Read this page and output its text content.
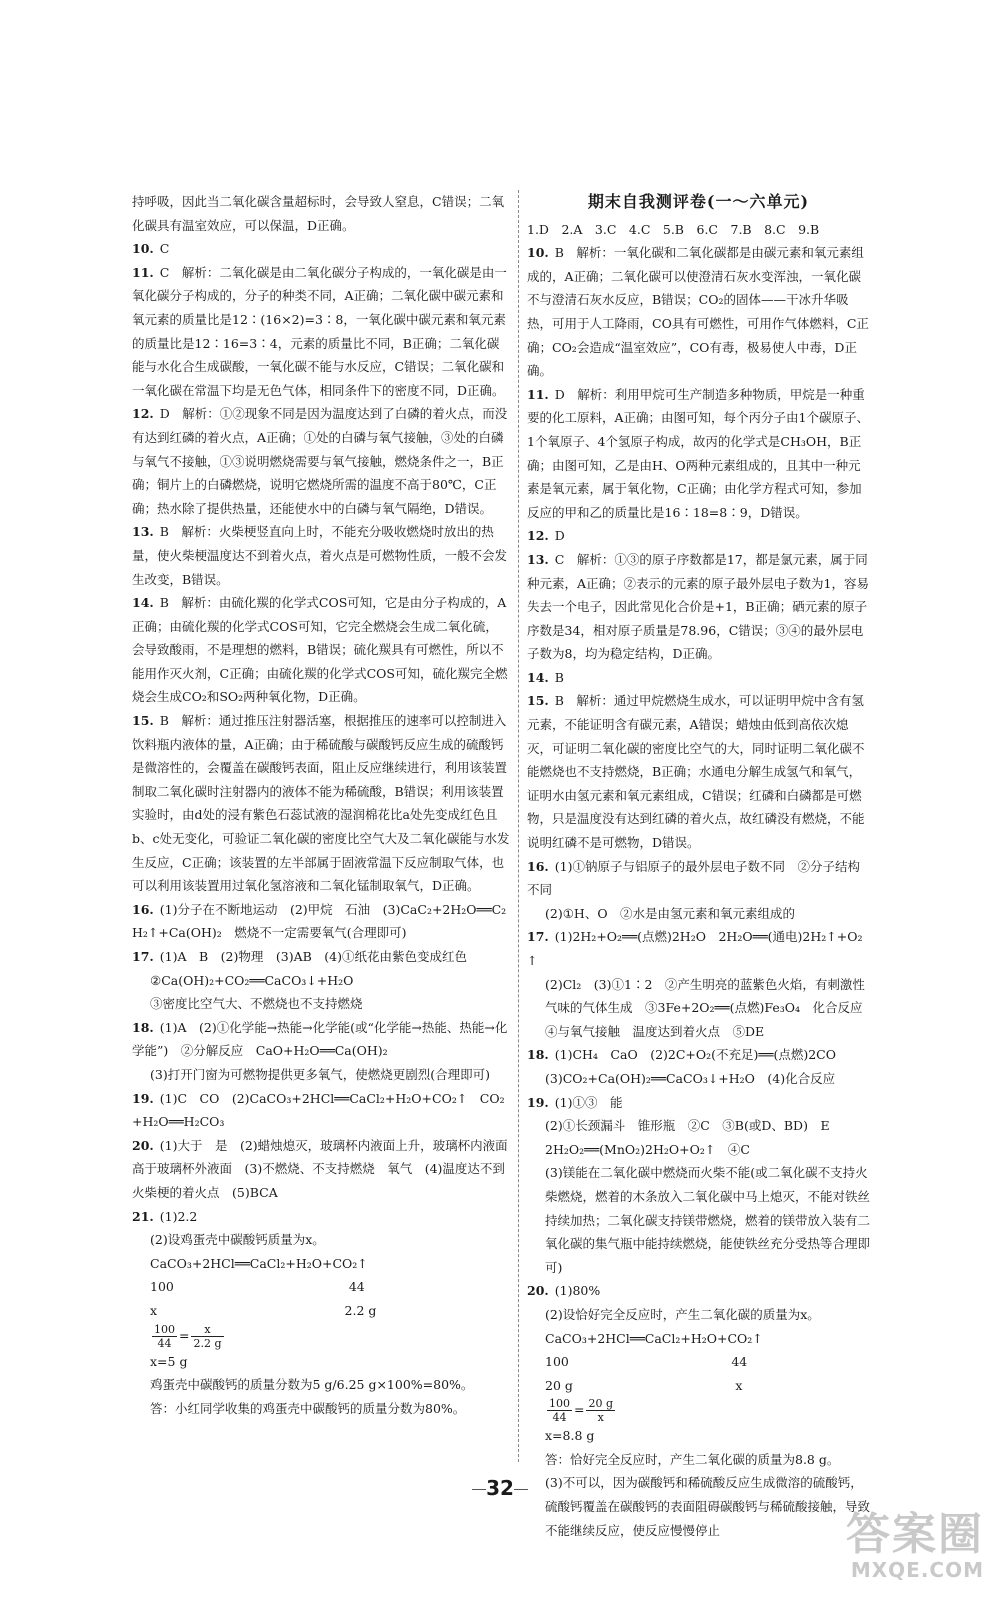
持呼吸，因此当二氧化碳含量超标时，会导致人窒息，C错误；二氧化碳具有温室效应，可以保温，D正确。
10. C
11. C　解析：二氧化碳是由二氧化碳分子构成的，一氧化碳是由一氧化碳分子构成的，分子的种类不同，A正确；二氧化碳中碳元素和氧元素的质量比是12∶(16×2)=3∶8，一氧化碳中碳元素和氧元素的质量比是12∶16=3∶4，元素的质量比不同，B正确；二氧化碳能与水化合生成碳酸，一氧化碳不能与水反应，C错误；二氧化碳和一氧化碳在常温下均是无色气体，相同条件下的密度不同，D正确。
12. D　解析：①②现象不同是因为温度达到了白磷的着火点，而没有达到红磷的着火点，A正确；①处的白磷与氧气接触，③处的白磷与氧气不接触，①③说明燃烧需要与氧气接触，燃烧条件之一，B正确；铜片上的白磷燃烧，说明它燃烧所需的温度不高于80℃，C正确；热水除了提供热量，还能使水中的白磷与氧气隔绝，D错误。
13. B　解析：火柴梗竖直向上时，不能充分吸收燃烧时放出的热量，使火柴梗温度达不到着火点，着火点是可燃物性质，一般不会发生改变，B错误。
14. B　解析：由硫化羰的化学式COS可知，它是由分子构成的，A正确；由硫化羰的化学式COS可知，它完全燃烧会生成二氧化硫，会导致酸雨，不是理想的燃料，B错误；硫化羰具有可燃性，所以不能用作灭火剂，C正确；由硫化羰的化学式COS可知，硫化羰完全燃烧会生成CO₂和SO₂两种氧化物，D正确。
15. B　解析：通过推压注射器活塞，根据推压的速率可以控制进入饮料瓶内液体的量，A正确；由于稀硫酸与碳酸钙反应生成的硫酸钙是微溶性的，会覆盖在碳酸钙表面，阻止反应继续进行，利用该装置制取二氧化碳时注射器内的液体不能为稀硫酸，B错误；利用该装置实验时，由d处的浸有紫色石蕊试液的湿润棉花比a处先变成红色且b、c处无变化，可验证二氧化碳的密度比空气大及二氧化碳能与水发生反应，C正确；该装置的左半部属于固液常温下反应制取气体，也可以利用该装置用过氧化氢溶液和二氧化锰制取氧气，D正确。
16. (1)分子在不断地运动　(2)甲烷　石油　(3)CaC₂+2H₂O══C₂H₂↑+Ca(OH)₂　燃烧不一定需要氧气(合理即可)
17. (1)A　B　(2)物理　(3)AB　(4)①纸花由紫色变成红色
②Ca(OH)₂+CO₂══CaCO₃↓+H₂O
③密度比空气大、不燃烧也不支持燃烧
18. (1)A　(2)①化学能→热能→化学能(或“化学能→热能、热能→化学能”)　②分解反应　CaO+H₂O══Ca(OH)₂
(3)打开门窗为可燃物提供更多氧气，使燃烧更剧烈(合理即可)
19. (1)C　CO　(2)CaCO₃+2HCl══CaCl₂+H₂O+CO₂↑　CO₂+H₂O══H₂CO₃
20. (1)大于　是　(2)蜡烛熄灭，玻璃杯内液面上升，玻璃杯内液面高于玻璃杯外液面　(3)不燃烧、不支持燃烧　氧气　(4)温度达不到火柴梗的着火点　(5)BCA
21. (1)2.2
(2)设鸡蛋壳中碳酸钙质量为x。
CaCO₃+2HCl══CaCl₂+H₂O+CO₂↑
100　　　　　　　　　　　　　　44
x　　　　　　　　　　　　　　　2.2 g
$\frac{100}{44} = \frac{x}{2.2 g}$
x=5 g
鸡蛋壳中碳酸钙的质量分数为5 g/6.25 g×100%=80%。
答：小红同学收集的鸡蛋壳中碳酸钙的质量分数为80%。
期末自我测评卷(一～六单元)
1.D　2.A　3.C　4.C　5.B　6.C　7.B　8.C　9.B
10. B　解析：一氧化碳和二氧化碳都是由碳元素和氧元素组成的，A正确；二氧化碳可以使澄清石灰水变浑浊，一氧化碳不与澄清石灰水反应，B错误；CO₂的固体——干冰升华吸热，可用于人工降雨，CO具有可燃性，可用作气体燃料，C正确；CO₂会造成“温室效应”，CO有毒，极易使人中毒，D正确。
11. D　解析：利用甲烷可生产制造多种物质，甲烷是一种重要的化工原料，A正确；由图可知，每个丙分子由1个碳原子、1个氧原子、4个氢原子构成，故丙的化学式是CH₃OH，B正确；由图可知，乙是由H、O两种元素组成的，且其中一种元素是氧元素，属于氧化物，C正确；由化学方程式可知，参加反应的甲和乙的质量比是16∶18=8∶9，D错误。
12. D
13. C　解析：①③的原子序数都是17，都是氯元素，属于同种元素，A正确；②表示的元素的原子最外层电子数为1，容易失去一个电子，因此常见化合价是+1，B正确；硒元素的原子序数是34，相对原子质量是78.96，C错误；③④的最外层电子数为8，均为稳定结构，D正确。
14. B
15. B　解析：通过甲烷燃烧生成水，可以证明甲烷中含有氢元素，不能证明含有碳元素，A错误；蜡烛由低到高依次熄灭，可证明二氧化碳的密度比空气的大，同时证明二氧化碳不能燃烧也不支持燃烧，B正确；水通电分解生成氢气和氧气，证明水由氢元素和氧元素组成，C错误；红磷和白磷都是可燃物，只是温度没有达到红磷的着火点，故红磷没有燃烧，不能说明红磷不是可燃物，D错误。
16. (1)①钠原子与铝原子的最外层电子数不同　②分子结构不同
(2)①H、O　②水是由氢元素和氧元素组成的
17. (1)2H₂+O₂══(点燃)2H₂O　2H₂O══(通电)2H₂↑+O₂↑
(2)Cl₂　(3)①1∶2　②产生明亮的蓝紫色火焰，有刺激性气味的气体生成　③3Fe+2O₂══(点燃)Fe₃O₄　化合反应　④与氧气接触　温度达到着火点　⑤DE
18. (1)CH₄　CaO　(2)2C+O₂(不充足)══(点燃)2CO
(3)CO₂+Ca(OH)₂══CaCO₃↓+H₂O　(4)化合反应
19. (1)①③　能
(2)①长颈漏斗　锥形瓶　②C　③B(或D、BD)　E
2H₂O₂══(MnO₂)2H₂O+O₂↑　④C
(3)镁能在二氧化碳中燃烧而火柴不能(或二氧化碳不支持火柴燃烧，燃着的木条放入二氧化碳中马上熄灭，不能对铁丝持续加热；二氧化碳支持镁带燃烧，燃着的镁带放入装有二氧化碳的集气瓶中能持续燃烧，能使铁丝充分受热等合理即可)
20. (1)80%
(2)设恰好完全反应时，产生二氧化碳的质量为x。
CaCO₃+2HCl══CaCl₂+H₂O+CO₂↑
100　　　　　　　　　　　　　44
20 g　　　　　　　　　　　　　x
$\frac{100}{44} = \frac{20 g}{x}$
x=8.8 g
答：恰好完全反应时，产生二氧化碳的质量为8.8 g。
(3)不可以，因为碳酸钙和稀硫酸反应生成微溶的硫酸钙，硫酸钙覆盖在碳酸钙的表面阻碍碳酸钙与稀硫酸接触，导致不能继续反应，使反应慢慢停止
32
答案圈
MXQE.COM
